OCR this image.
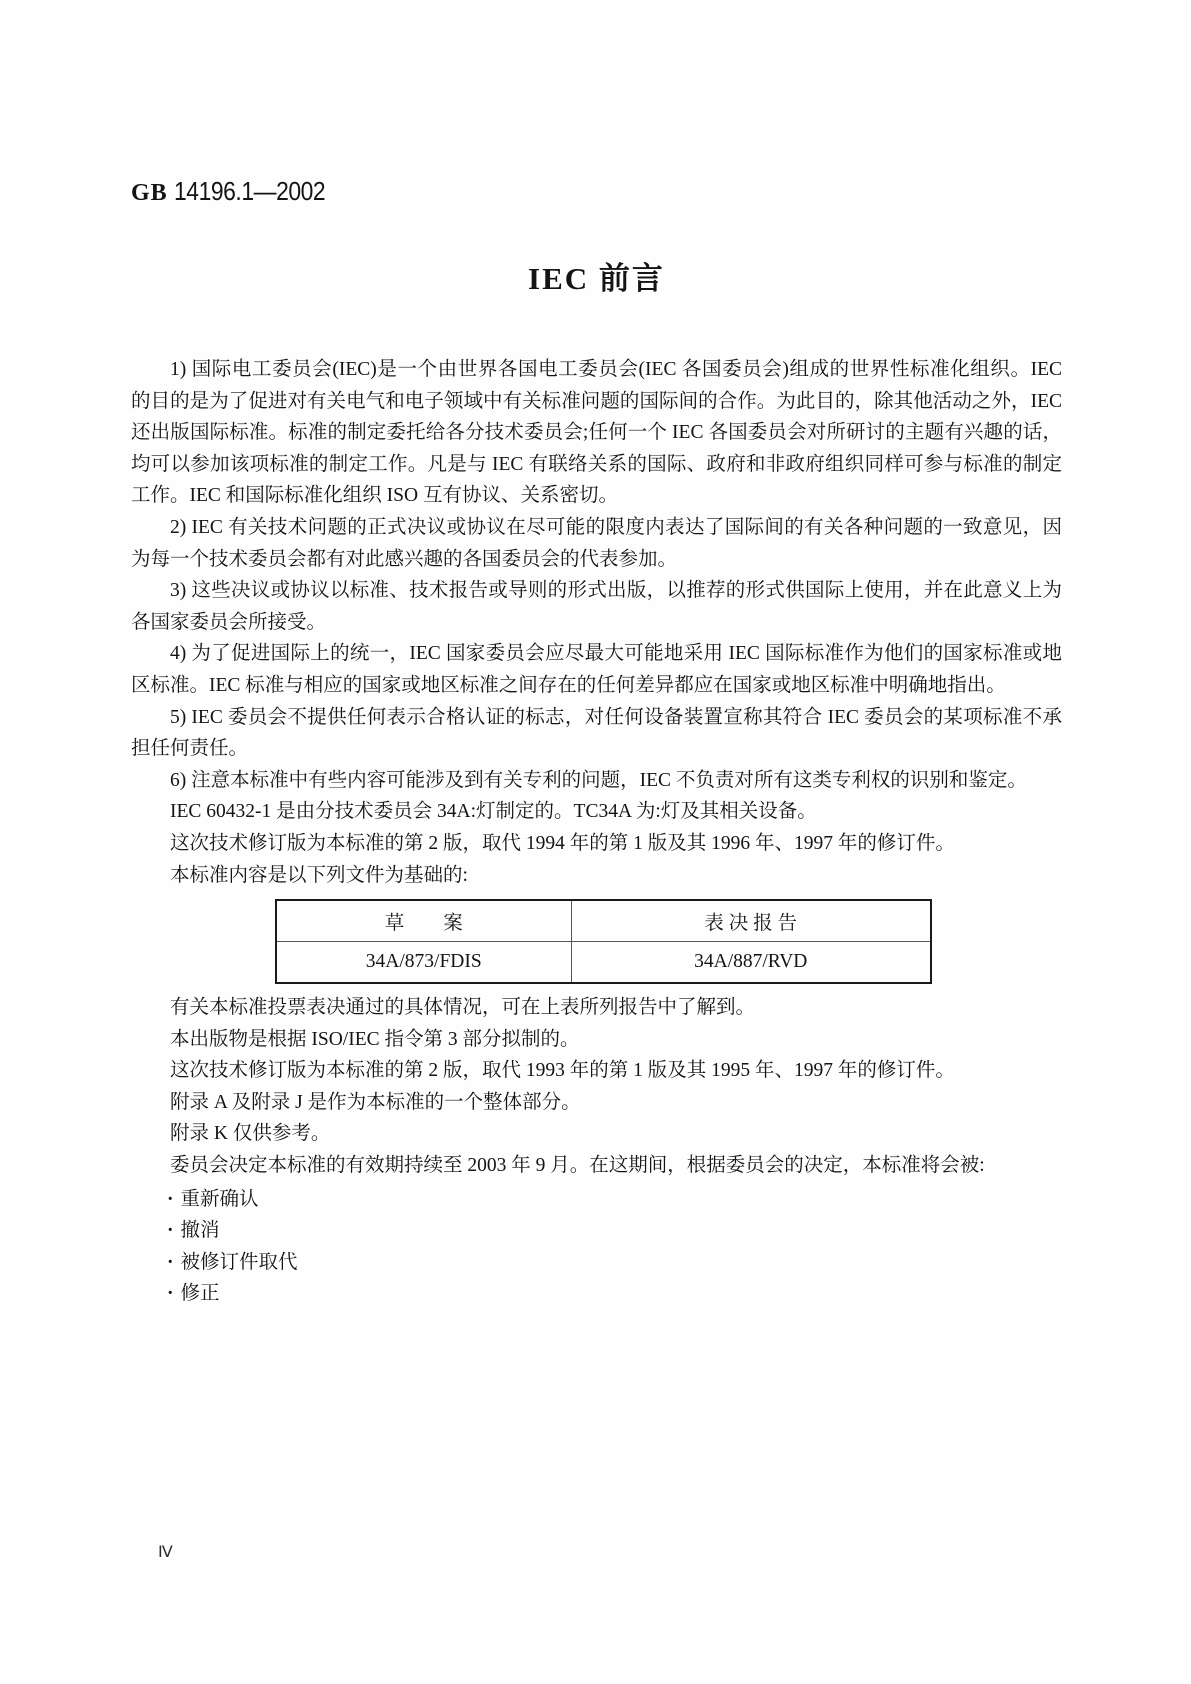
GB 14196.1—2002
IEC 前言

1) 国际电工委员会(IEC)是一个由世界各国电工委员会(IEC 各国委员会)组成的世界性标准化组织。IEC 的目的是为了促进对有关电气和电子领域中有关标准问题的国际间的合作。为此目的，除其他活动之外，IEC 还出版国际标准。标准的制定委托给各分技术委员会;任何一个 IEC 各国委员会对所研讨的主题有兴趣的话，均可以参加该项标准的制定工作。凡是与 IEC 有联络关系的国际、政府和非政府组织同样可参与标准的制定工作。IEC 和国际标准化组织 ISO 互有协议、关系密切。

2) IEC 有关技术问题的正式决议或协议在尽可能的限度内表达了国际间的有关各种问题的一致意见，因为每一个技术委员会都有对此感兴趣的各国委员会的代表参加。

3) 这些决议或协议以标准、技术报告或导则的形式出版，以推荐的形式供国际上使用，并在此意义上为各国家委员会所接受。

4) 为了促进国际上的统一，IEC 国家委员会应尽最大可能地采用 IEC 国际标准作为他们的国家标准或地区标准。IEC 标准与相应的国家或地区标准之间存在的任何差异都应在国家或地区标准中明确地指出。

5) IEC 委员会不提供任何表示合格认证的标志，对任何设备装置宣称其符合 IEC 委员会的某项标准不承担任何责任。

6) 注意本标准中有些内容可能涉及到有关专利的问题，IEC 不负责对所有这类专利权的识别和鉴定。

IEC 60432-1 是由分技术委员会 34A:灯制定的。TC34A 为:灯及其相关设备。

这次技术修订版为本标准的第 2 版，取代 1994 年的第 1 版及其 1996 年、1997 年的修订件。

本标准内容是以下列文件为基础的:

草　　案	表 决 报 告
34A/873/FDIS	34A/887/RVD

有关本标准投票表决通过的具体情况，可在上表所列报告中了解到。

本出版物是根据 ISO/IEC 指令第 3 部分拟制的。

这次技术修订版为本标准的第 2 版，取代 1993 年的第 1 版及其 1995 年、1997 年的修订件。

附录 A 及附录 J 是作为本标准的一个整体部分。

附录 K 仅供参考。

委员会决定本标准的有效期持续至 2003 年 9 月。在这期间，根据委员会的决定，本标准将会被:

· 重新确认
· 撤消
· 被修订件取代
· 修正
Ⅳ
